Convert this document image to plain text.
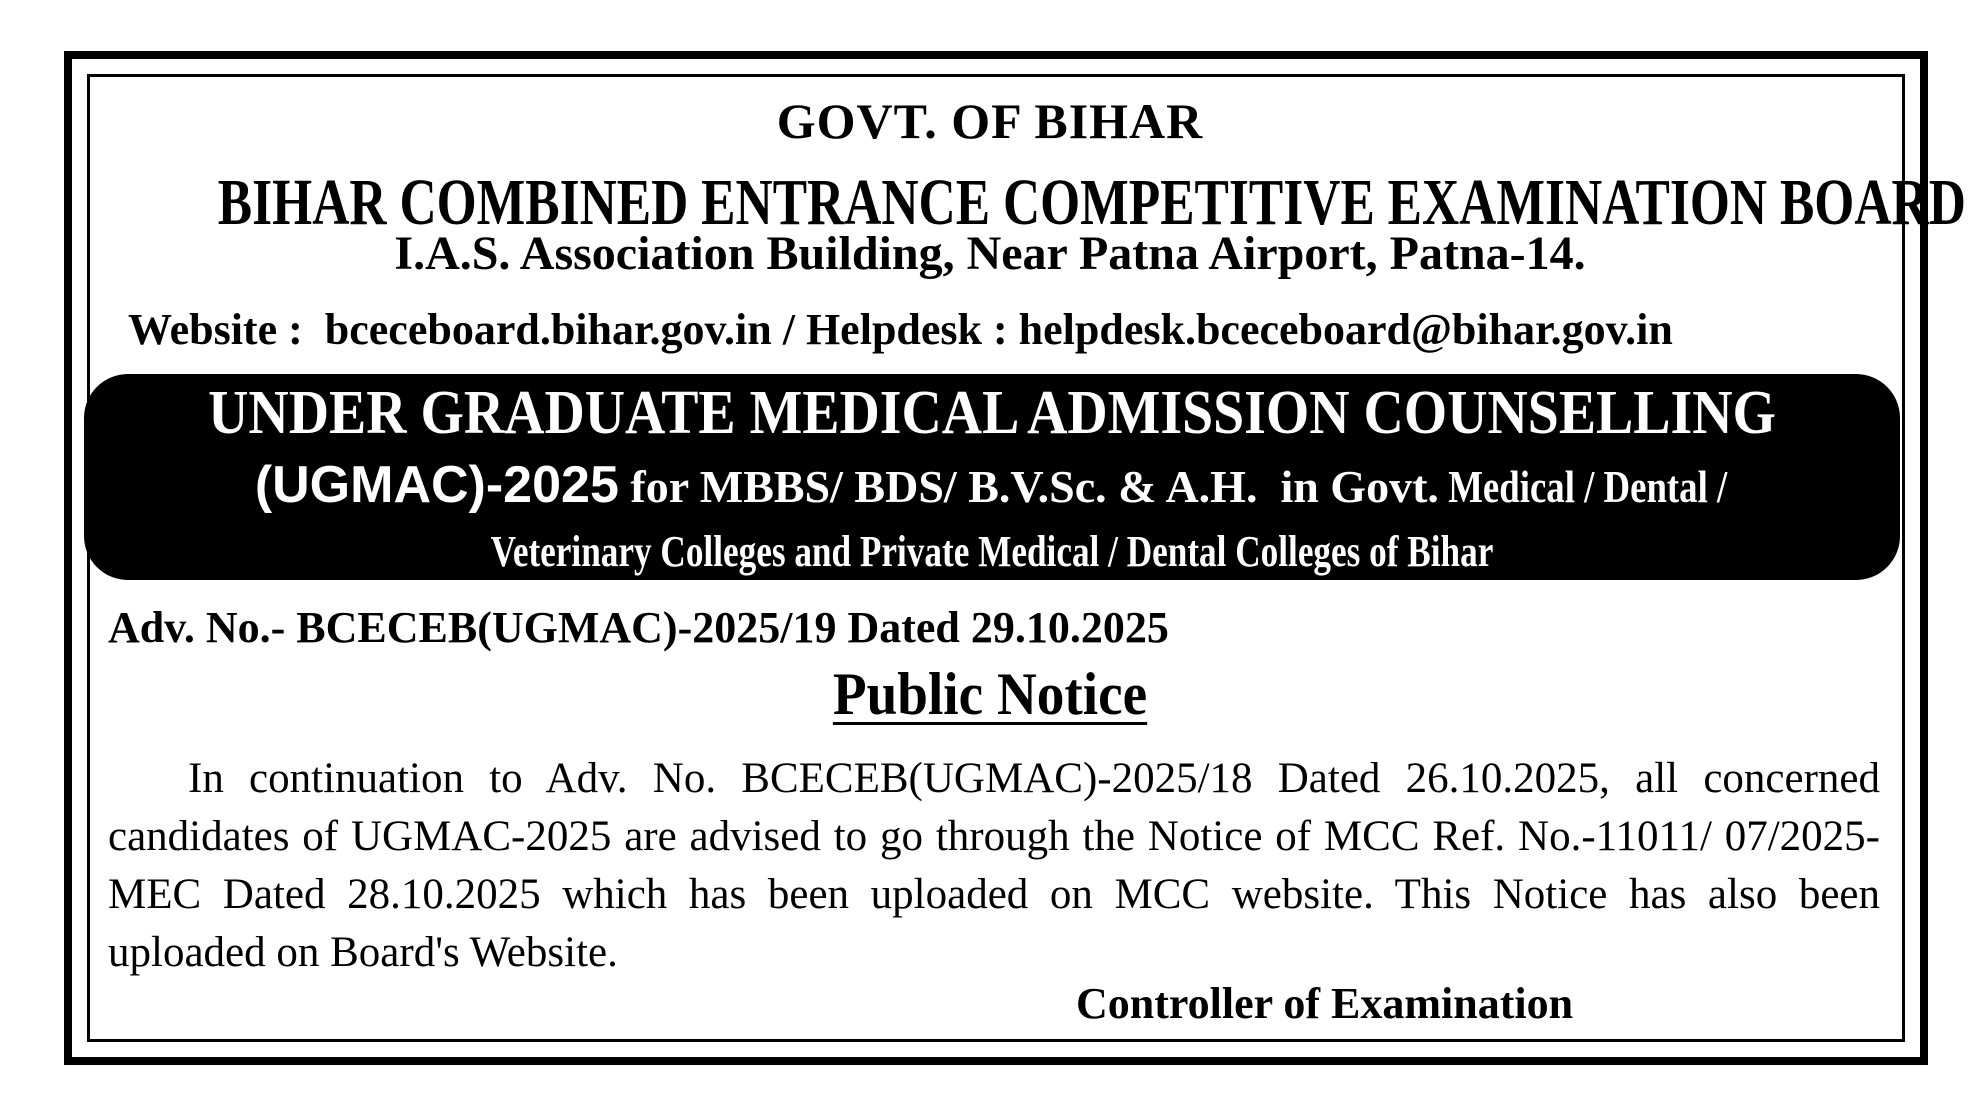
GOVT. OF BIHAR
BIHAR COMBINED ENTRANCE COMPETITIVE EXAMINATION BOARD
I.A.S. Association Building, Near Patna Airport, Patna-14.
Website :  bceceboard.bihar.gov.in / Helpdesk : helpdesk.bceceboard@bihar.gov.in
UNDER GRADUATE MEDICAL ADMISSION COUNSELLING
(UGMAC)-2025 for MBBS/ BDS/ B.V.Sc. & A.H.  in Govt. Medical / Dental /
Veterinary Colleges and Private Medical / Dental Colleges of Bihar
Adv. No.- BCECEB(UGMAC)-2025/19 Dated 29.10.2025
Public Notice
In continuation to Adv. No. BCECEB(UGMAC)-2025/18 Dated 26.10.2025, all concerned candidates of UGMAC-2025 are advised to go through the Notice of MCC Ref. No.-11011/ 07/2025-MEC Dated 28.10.2025 which has been uploaded on MCC website. This Notice has also been uploaded on Board's Website.
Controller of Examination
